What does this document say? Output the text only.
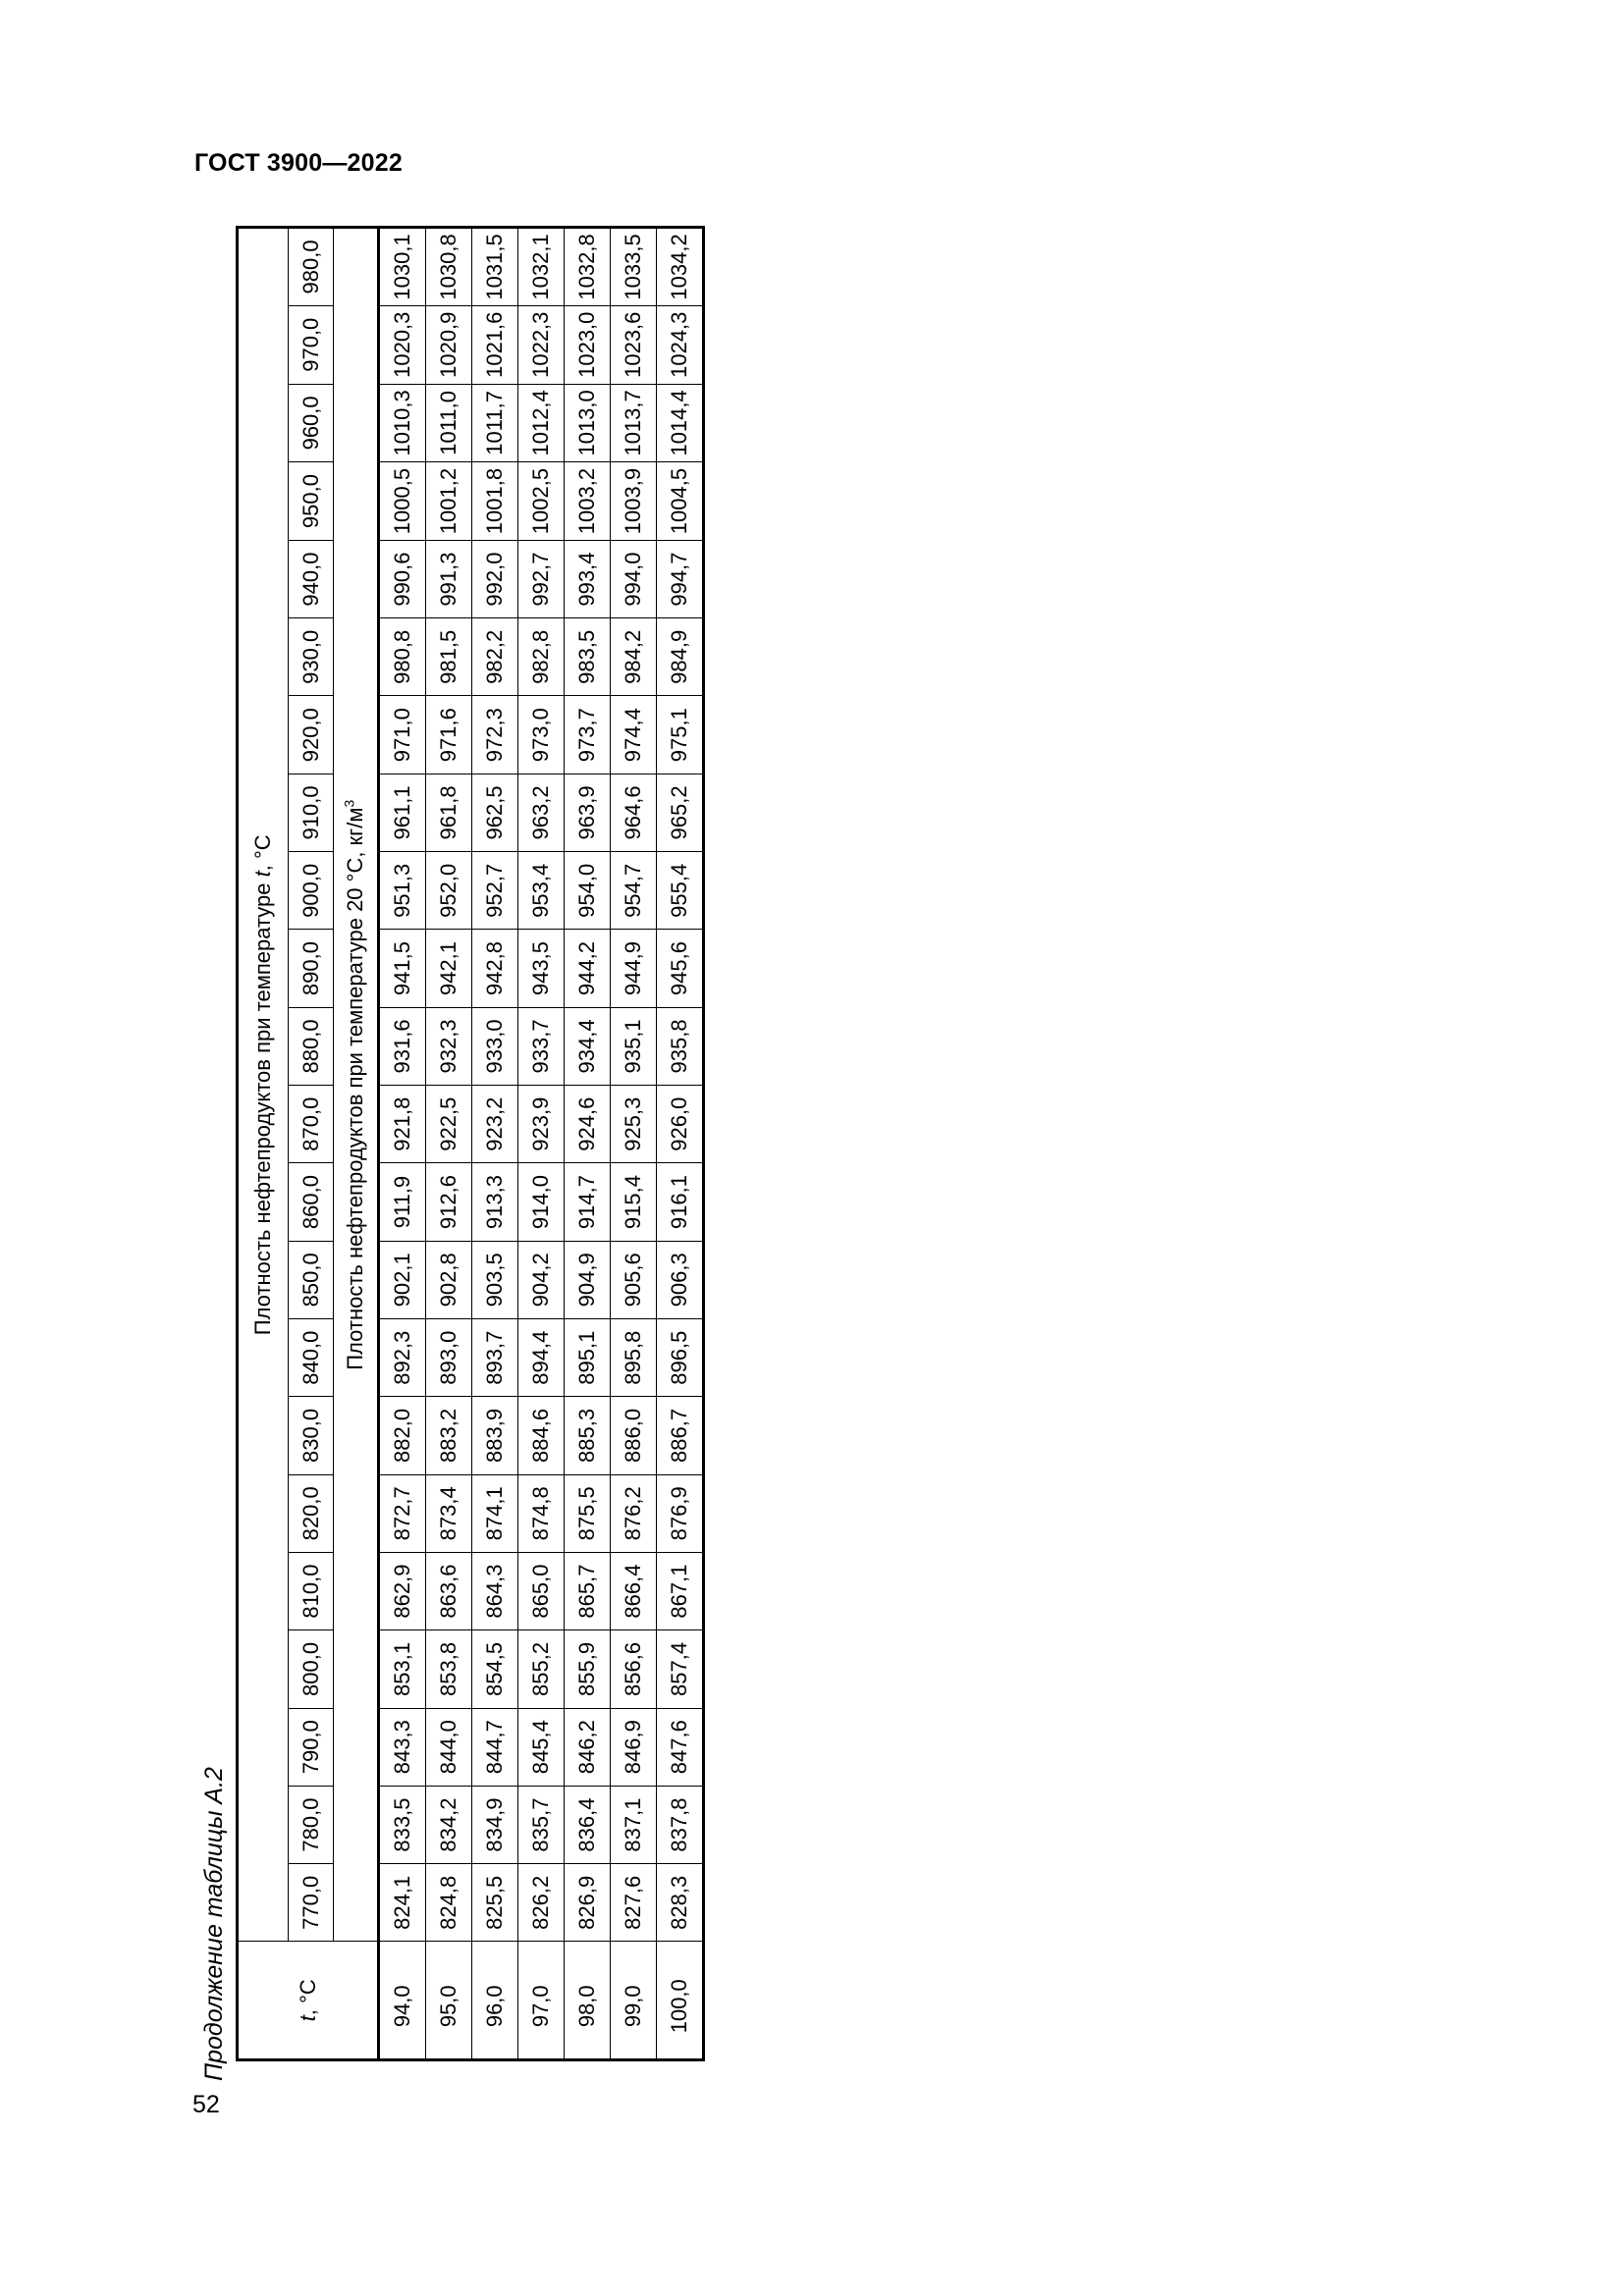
ГОСТ 3900—2022
Продолжение таблицы А.2	t, °C	Плотность нефтепродуктов при температуре t, °C																					
	770,0	780,0	790,0	800,0	810,0	820,0	830,0	840,0	850,0	860,0	870,0	880,0	890,0	900,0	910,0	920,0	930,0	940,0	950,0	960,0	970,0	980,0
	Плотность нефтепродуктов при температуре 20 °С, $кг/м^3$
94,0	824,1	833,5	843,3	853,1	862,9	872,7	882,0	892,3	902,1	911,9	921,8	931,6	941,5	951,3	961,1	971,0	980,8	990,6	1000,5	1010,3	1020,3	1030,1
95,0	824,8	834,2	844,0	853,8	863,6	873,4	883,2	893,0	902,8	912,6	922,5	932,3	942,1	952,0	961,8	971,6	981,5	991,3	1001,2	1011,0	1020,9	1030,8
96,0	825,5	834,9	844,7	854,5	864,3	874,1	883,9	893,7	903,5	913,3	923,2	933,0	942,8	952,7	962,5	972,3	982,2	992,0	1001,8	1011,7	1021,6	1031,5
97,0	826,2	835,7	845,4	855,2	865,0	874,8	884,6	894,4	904,2	914,0	923,9	933,7	943,5	953,4	963,2	973,0	982,8	992,7	1002,5	1012,4	1022,3	1032,1
98,0	826,9	836,4	846,2	855,9	865,7	875,5	885,3	895,1	904,9	914,7	924,6	934,4	944,2	954,0	963,9	973,7	983,5	993,4	1003,2	1013,0	1023,0	1032,8
99,0	827,6	837,1	846,9	856,6	866,4	876,2	886,0	895,8	905,6	915,4	925,3	935,1	944,9	954,7	964,6	974,4	984,2	994,0	1003,9	1013,7	1023,6	1033,5
100,0	828,3	837,8	847,6	857,4	867,1	876,9	886,7	896,5	906,3	916,1	926,0	935,8	945,6	955,4	965,2	975,1	984,9	994,7	1004,5	1014,4	1024,3	1034,2
52
